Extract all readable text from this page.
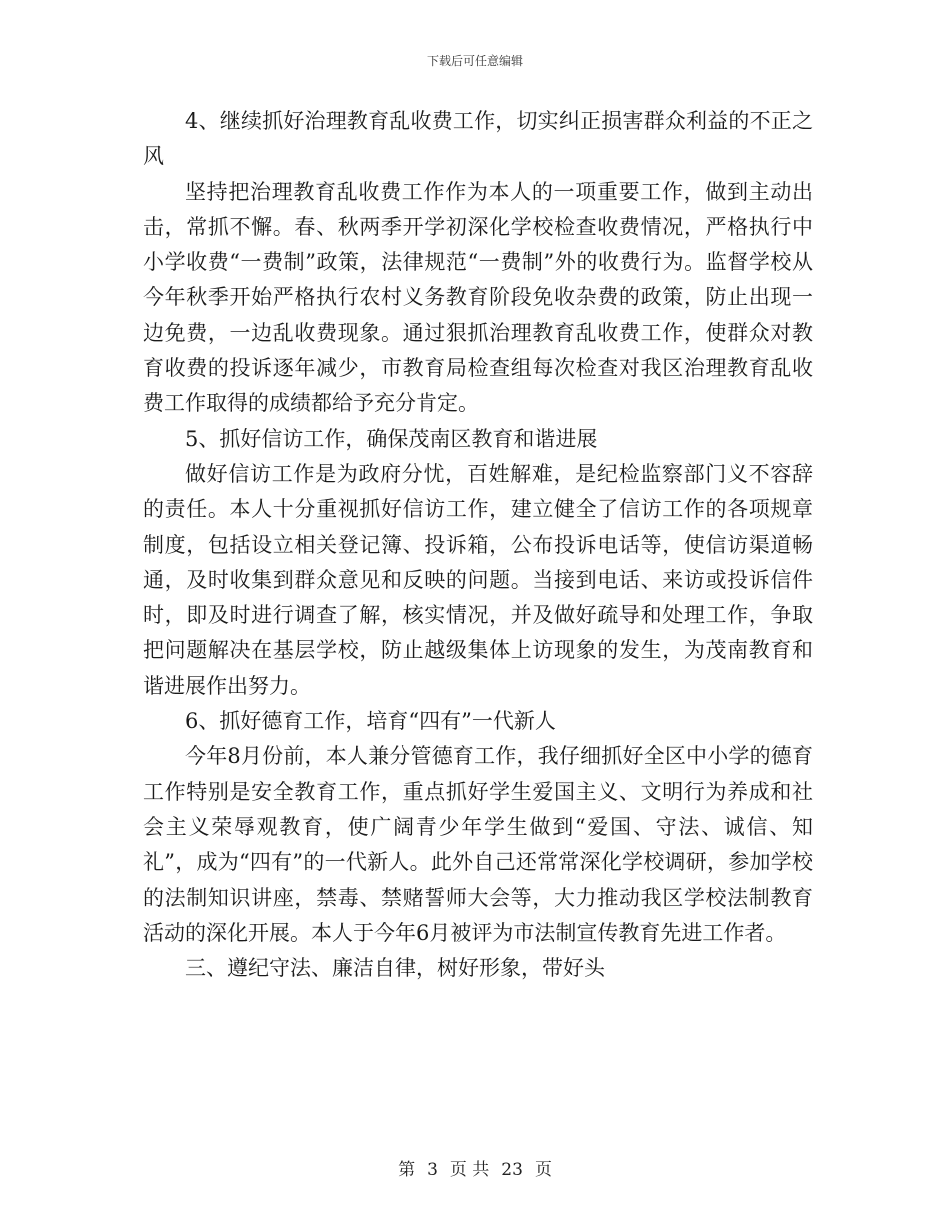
下载后可任意编辑

4、继续抓好治理教育乱收费工作，切实纠正损害群众利益的不正之风

坚持把治理教育乱收费工作作为本人的一项重要工作，做到主动出击，常抓不懈。春、秋两季开学初深化学校检查收费情况，严格执行中小学收费“一费制”政策，法律规范“一费制”外的收费行为。监督学校从今年秋季开始严格执行农村义务教育阶段免收杂费的政策，防止出现一边免费，一边乱收费现象。通过狠抓治理教育乱收费工作，使群众对教育收费的投诉逐年减少，市教育局检查组每次检查对我区治理教育乱收费工作取得的成绩都给予充分肯定。

5、抓好信访工作，确保茂南区教育和谐进展

做好信访工作是为政府分忧，百姓解难，是纪检监察部门义不容辞的责任。本人十分重视抓好信访工作，建立健全了信访工作的各项规章制度，包括设立相关登记簿、投诉箱，公布投诉电话等，使信访渠道畅通，及时收集到群众意见和反映的问题。当接到电话、来访或投诉信件时，即及时进行调查了解，核实情况，并及做好疏导和处理工作，争取把问题解决在基层学校，防止越级集体上访现象的发生，为茂南教育和谐进展作出努力。

6、抓好德育工作，培育“四有”一代新人

今年8月份前，本人兼分管德育工作，我仔细抓好全区中小学的德育工作特别是安全教育工作，重点抓好学生爱国主义、文明行为养成和社会主义荣辱观教育，使广阔青少年学生做到“爱国、守法、诚信、知礼”，成为“四有”的一代新人。此外自己还常常深化学校调研，参加学校的法制知识讲座，禁毒、禁赌誓师大会等，大力推动我区学校法制教育活动的深化开展。本人于今年6月被评为市法制宣传教育先进工作者。

三、遵纪守法、廉洁自律，树好形象，带好头

第 3 页 共 23 页
